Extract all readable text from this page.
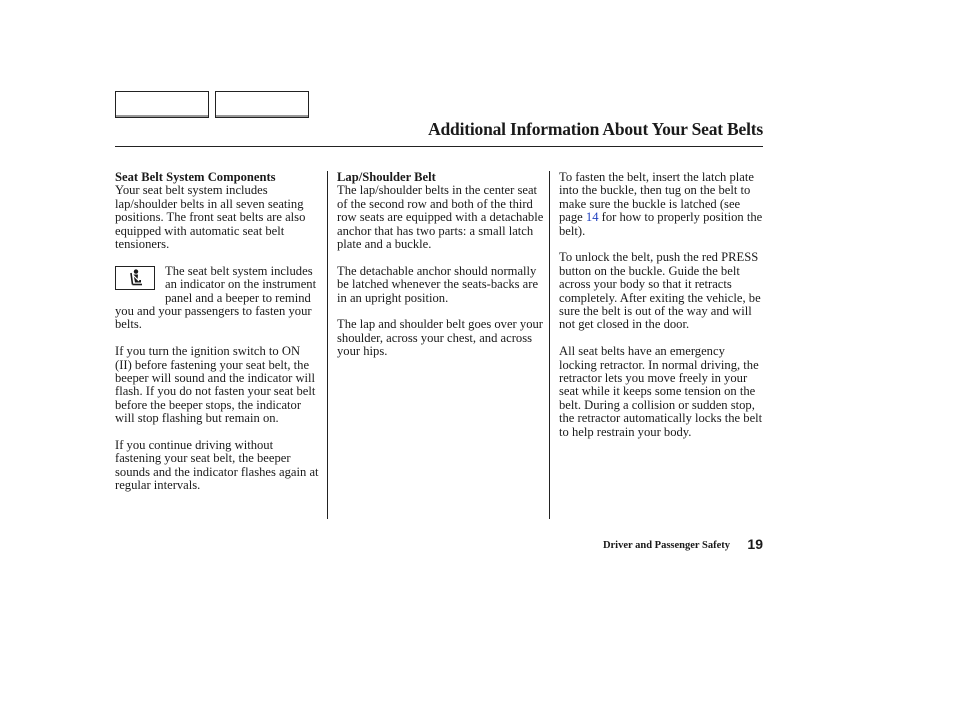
Additional Information About Your Seat Belts

Seat Belt System Components
Your seat belt system includes lap/shoulder belts in all seven seating positions. The front seat belts are also equipped with automatic seat belt tensioners.

The seat belt system includes an indicator on the instrument panel and a beeper to remind you and your passengers to fasten your belts.

If you turn the ignition switch to ON (II) before fastening your seat belt, the beeper will sound and the indicator will flash. If you do not fasten your seat belt before the beeper stops, the indicator will stop flashing but remain on.

If you continue driving without fastening your seat belt, the beeper sounds and the indicator flashes again at regular intervals.

Lap/Shoulder Belt
The lap/shoulder belts in the center seat of the second row and both of the third row seats are equipped with a detachable anchor that has two parts: a small latch plate and a buckle.

The detachable anchor should normally be latched whenever the seats-backs are in an upright position.

The lap and shoulder belt goes over your shoulder, across your chest, and across your hips.

To fasten the belt, insert the latch plate into the buckle, then tug on the belt to make sure the buckle is latched (see page 14 for how to properly position the belt).

To unlock the belt, push the red PRESS button on the buckle. Guide the belt across your body so that it retracts completely. After exiting the vehicle, be sure the belt is out of the way and will not get closed in the door.

All seat belts have an emergency locking retractor. In normal driving, the retractor lets you move freely in your seat while it keeps some tension on the belt. During a collision or sudden stop, the retractor automatically locks the belt to help restrain your body.

Driver and Passenger Safety	19
